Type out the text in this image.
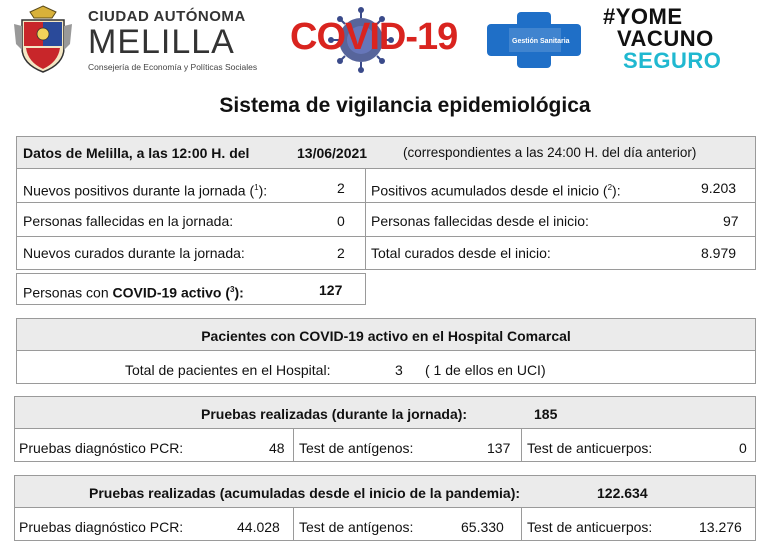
CIUDAD AUTÓNOMA
MELILLA
Consejería de Economía y Políticas Sociales
COVID-19	Gestión Sanitaria
#YOME
VACUNO
SEGURO
Sistema de vigilancia epidemiológica
Datos de Melilla, a las 12:00 H. del	13/06/2021	(correspondientes a las 24:00 H. del día anterior)
Nuevos positivos durante la jornada ($^1$):	2 Positivos acumulados desde el inicio ($^2$):	9.203
Personas fallecidas en la jornada:	0 Personas fallecidas desde el inicio:	97
Nuevos curados durante la jornada:	2 Total curados desde el inicio:	8.979
Personas con COVID-19 activo ($^3$):	127
Pacientes con COVID-19 activo en el Hospital Comarcal
Total de pacientes en el Hospital:	3 ( 1 de ellos en UCI)
Pruebas realizadas (durante la jornada):	185
Pruebas diagnóstico PCR:	48 Test de antígenos:	137 Test de anticuerpos:	0
Pruebas realizadas (acumuladas desde el inicio de la pandemia):	122.634
Pruebas diagnóstico PCR:	44.028 Test de antígenos:	65.330 Test de anticuerpos:	13.276
